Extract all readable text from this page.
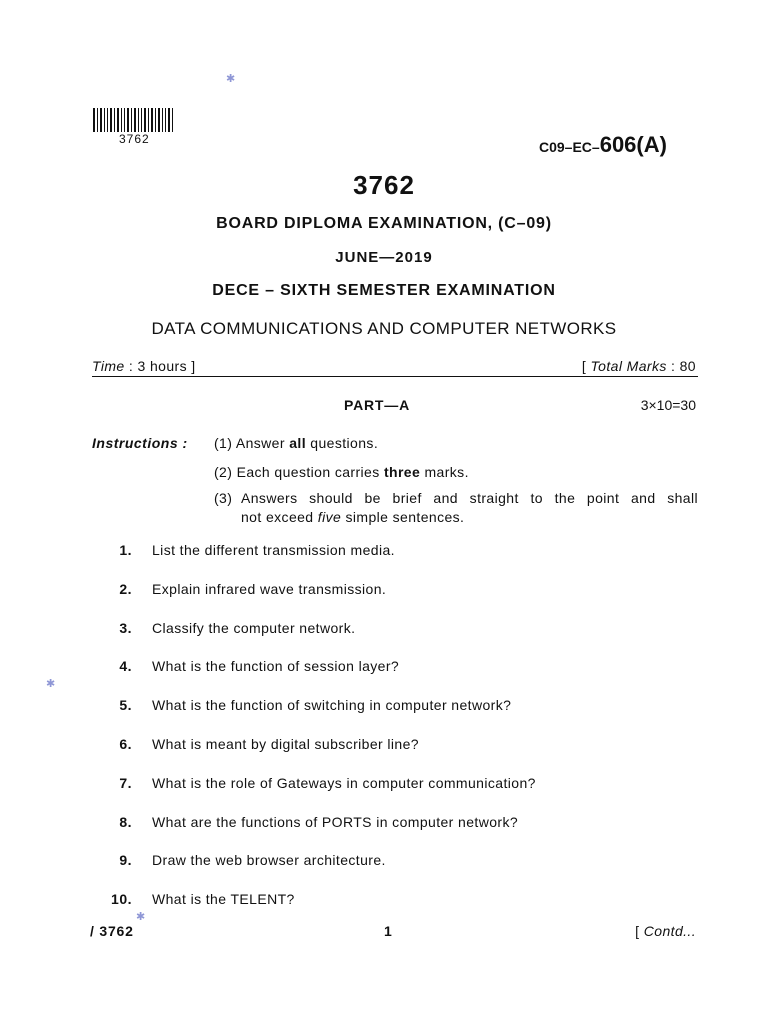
✱
✱
✱
3762	C09–EC–606(A)
3762
BOARD DIPLOMA EXAMINATION, (C–09)
JUNE—2019
DECE – SIXTH SEMESTER EXAMINATION
DATA COMMUNICATIONS AND COMPUTER NETWORKS
Time : 3 hours ]	[ Total Marks : 80
PART—A	3×10=30
Instructions : (1) Answer all questions.
(2) Each question carries three marks.
(3) Answers should be brief and straight to the point and shall
not exceed five simple sentences.
1. List the different transmission media.
2. Explain infrared wave transmission.
3. Classify the computer network.
4. What is the function of session layer?
5. What is the function of switching in computer network?
6. What is meant by digital subscriber line?
7. What is the role of Gateways in computer communication?
8. What are the functions of PORTS in computer network?
9. Draw the web browser architecture.
10. What is the TELENT?
/ 3762	1	[ Contd...
